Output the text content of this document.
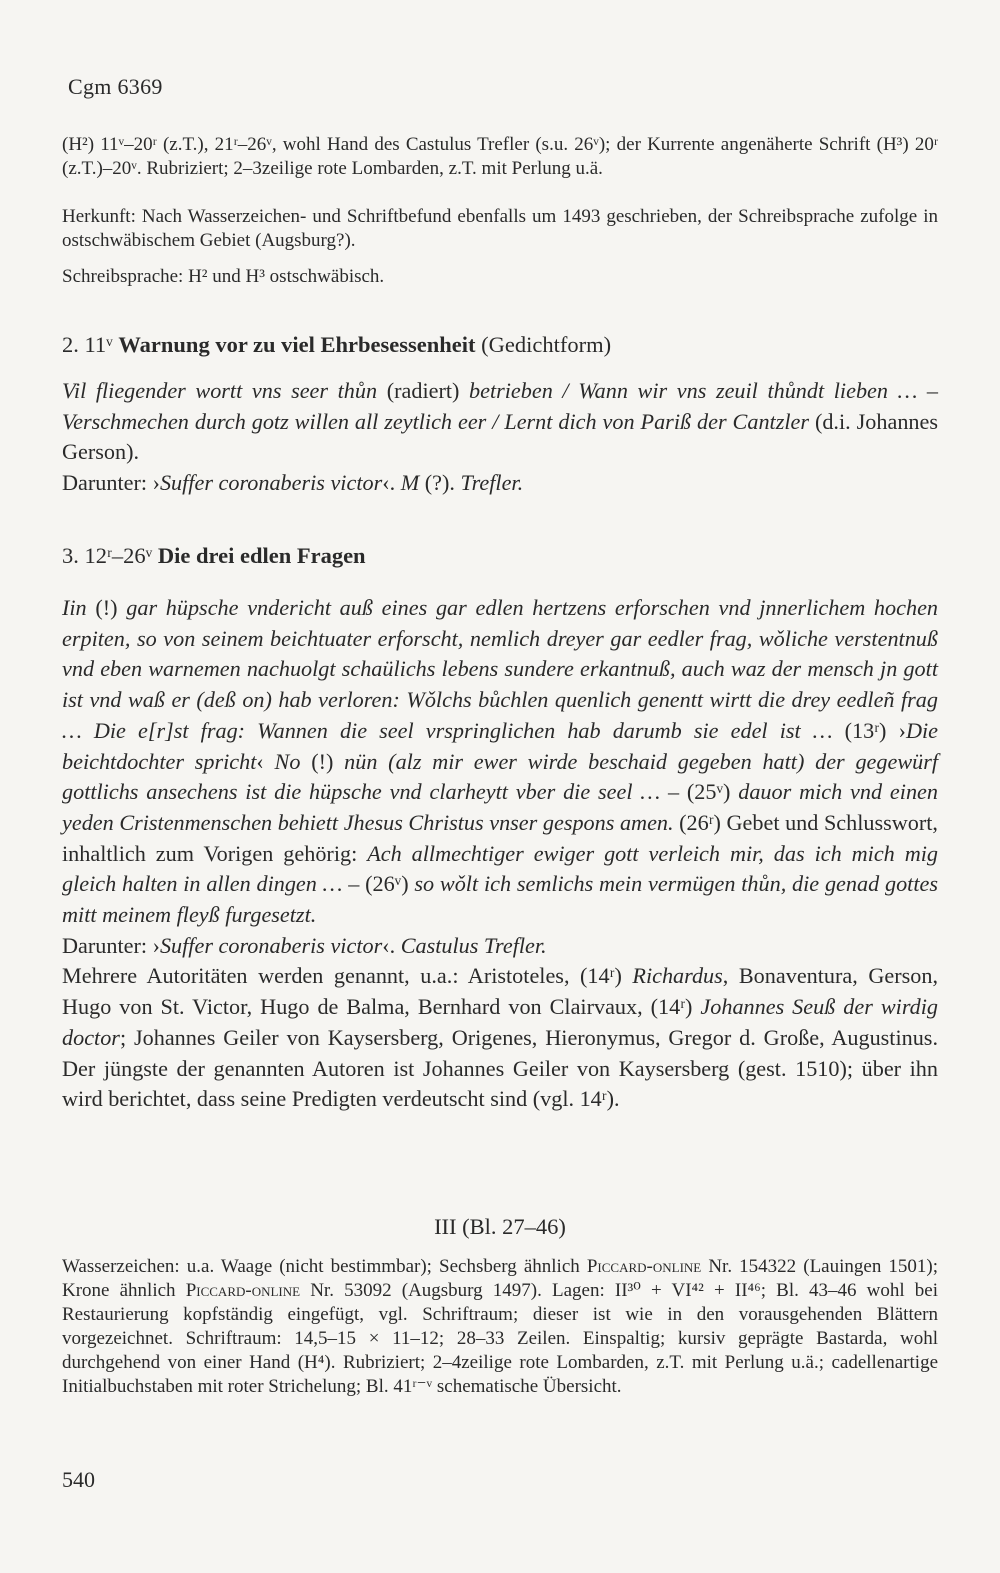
Cgm 6369

(H²) 11ᵛ–20ʳ (z.T.), 21ʳ–26ᵛ, wohl Hand des Castulus Trefler (s.u. 26ᵛ); der Kurrente angenäherte Schrift (H³) 20ʳ (z.T.)–20ᵛ. Rubriziert; 2–3zeilige rote Lombarden, z.T. mit Perlung u.ä.

Herkunft: Nach Wasserzeichen- und Schriftbefund ebenfalls um 1493 geschrieben, der Schreibsprache zufolge in ostschwäbischem Gebiet (Augsburg?).

Schreibsprache: H² und H³ ostschwäbisch.

2. 11ᵛ Warnung vor zu viel Ehrbesessenheit (Gedichtform)

Vil fliegender wortt vns seer thůn (radiert) betrieben / Wann wir vns zeuil thůndt lieben … – Verschmechen durch gotz willen all zeytlich eer / Lernt dich von Pariß der Cantzler (d.i. Johannes Gerson).

Darunter: ›Suffer coronaberis victor‹. M (?). Trefler.

3. 12ʳ–26ᵛ Die drei edlen Fragen

Iin (!) gar hüpsche vndericht auß eines gar edlen hertzens erforschen vnd jnnerlichem hochen erpiten, so von seinem beichtuater erforscht, nemlich dreyer gar eedler frag, wǒliche verstentnuß vnd eben warnemen nachuolgt schaülichs lebens sundere erkantnuß, auch waz der mensch jn gott ist vnd waß er (deß on) hab verloren: Wǒlchs bůchlen quenlich genentt wirtt die drey eedleñ frag … Die e[r]st frag: Wannen die seel vrspringlichen hab darumb sie edel ist … (13ʳ) ›Die beichtdochter spricht‹ No (!) nün (alz mir ewer wirde beschaid gegeben hatt) der gegewürf gottlichs ansechens ist die hüpsche vnd clarheytt vber die seel … – (25ᵛ) dauor mich vnd einen yeden Cristenmenschen behiett Jhesus Christus vnser gespons amen. (26ʳ) Gebet und Schlusswort, inhaltlich zum Vorigen gehörig: Ach allmechtiger ewiger gott verleich mir, das ich mich mig gleich halten in allen dingen … – (26ᵛ) so wǒlt ich semlichs mein vermügen thůn, die genad gottes mitt meinem fleyß furgesetzt.

Darunter: ›Suffer coronaberis victor‹. Castulus Trefler.

Mehrere Autoritäten werden genannt, u.a.: Aristoteles, (14ʳ) Richardus, Bonaventura, Gerson, Hugo von St. Victor, Hugo de Balma, Bernhard von Clairvaux, (14ʳ) Johannes Seuß der wirdig doctor; Johannes Geiler von Kaysersberg, Origenes, Hieronymus, Gregor d. Große, Augustinus. Der jüngste der genannten Autoren ist Johannes Geiler von Kaysersberg (gest. 1510); über ihn wird berichtet, dass seine Predigten verdeutscht sind (vgl. 14ʳ).

III (Bl. 27–46)

Wasserzeichen: u.a. Waage (nicht bestimmbar); Sechsberg ähnlich Piccard-online Nr. 154322 (Lauingen 1501); Krone ähnlich Piccard-online Nr. 53092 (Augsburg 1497). Lagen: II³⁰ + VI⁴² + II⁴⁶; Bl. 43–46 wohl bei Restaurierung kopfständig eingefügt, vgl. Schriftraum; dieser ist wie in den vorausgehenden Blättern vorgezeichnet. Schriftraum: 14,5–15 × 11–12; 28–33 Zeilen. Einspaltig; kursiv geprägte Bastarda, wohl durchgehend von einer Hand (H⁴). Rubriziert; 2–4zeilige rote Lombarden, z.T. mit Perlung u.ä.; cadellenartige Initialbuchstaben mit roter Strichelung; Bl. 41ʳ⁻ᵛ schematische Übersicht.

540
